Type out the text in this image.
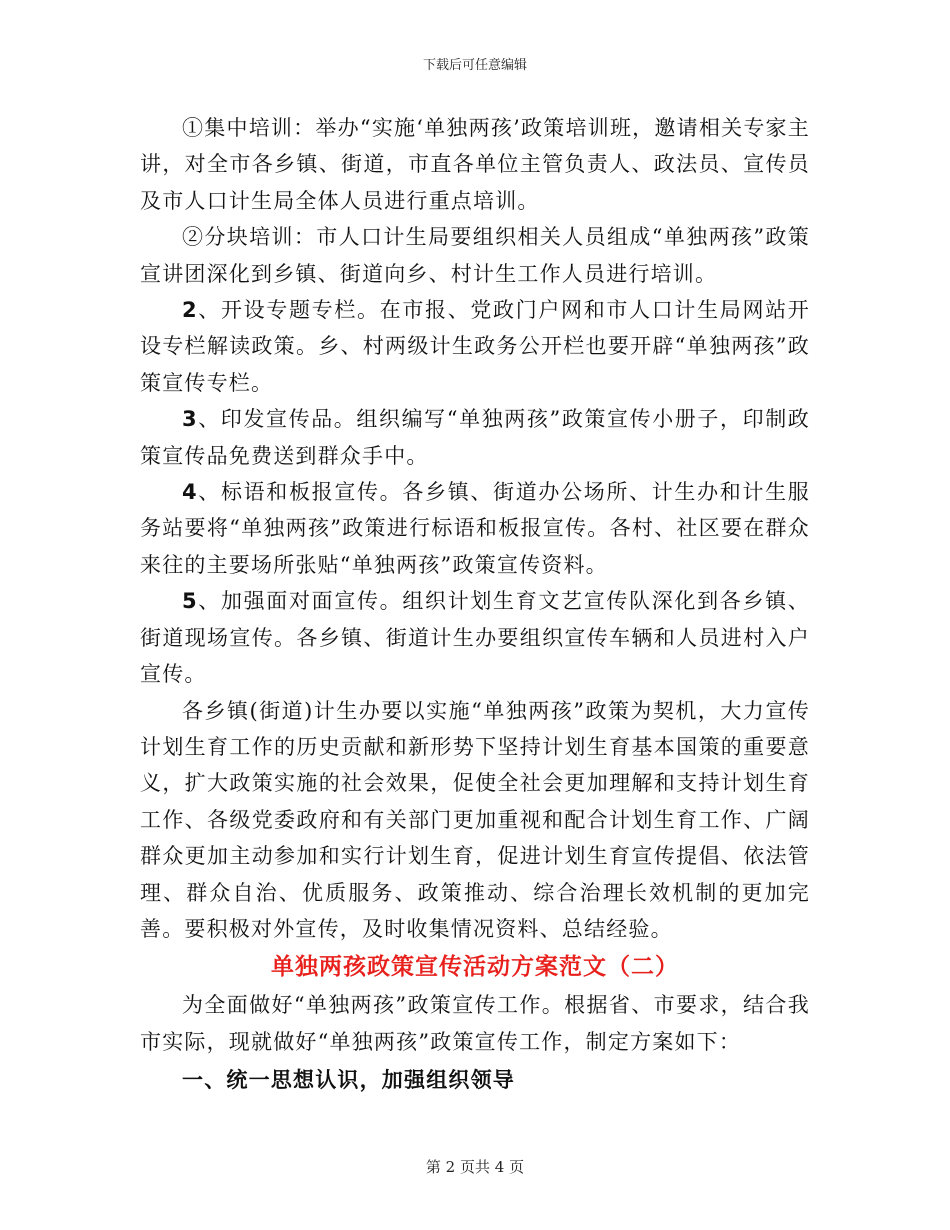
下载后可任意编辑

①集中培训：举办“实施‘单独两孩’政策培训班，邀请相关专家主讲，对全市各乡镇、街道，市直各单位主管负责人、政法员、宣传员及市人口计生局全体人员进行重点培训。

②分块培训：市人口计生局要组织相关人员组成“单独两孩”政策宣讲团深化到乡镇、街道向乡、村计生工作人员进行培训。

2、开设专题专栏。在市报、党政门户网和市人口计生局网站开设专栏解读政策。乡、村两级计生政务公开栏也要开辟“单独两孩”政策宣传专栏。

3、印发宣传品。组织编写“单独两孩”政策宣传小册子，印制政策宣传品免费送到群众手中。

4、标语和板报宣传。各乡镇、街道办公场所、计生办和计生服务站要将“单独两孩”政策进行标语和板报宣传。各村、社区要在群众来往的主要场所张贴“单独两孩”政策宣传资料。

5、加强面对面宣传。组织计划生育文艺宣传队深化到各乡镇、街道现场宣传。各乡镇、街道计生办要组织宣传车辆和人员进村入户宣传。

各乡镇(街道)计生办要以实施“单独两孩”政策为契机，大力宣传计划生育工作的历史贡献和新形势下坚持计划生育基本国策的重要意义，扩大政策实施的社会效果，促使全社会更加理解和支持计划生育工作、各级党委政府和有关部门更加重视和配合计划生育工作、广阔群众更加主动参加和实行计划生育，促进计划生育宣传提倡、依法管理、群众自治、优质服务、政策推动、综合治理长效机制的更加完善。要积极对外宣传，及时收集情况资料、总结经验。

单独两孩政策宣传活动方案范文（二）

为全面做好“单独两孩”政策宣传工作。根据省、市要求，结合我市实际，现就做好“单独两孩”政策宣传工作，制定方案如下：

一、统一思想认识，加强组织领导
第 2 页共 4 页
